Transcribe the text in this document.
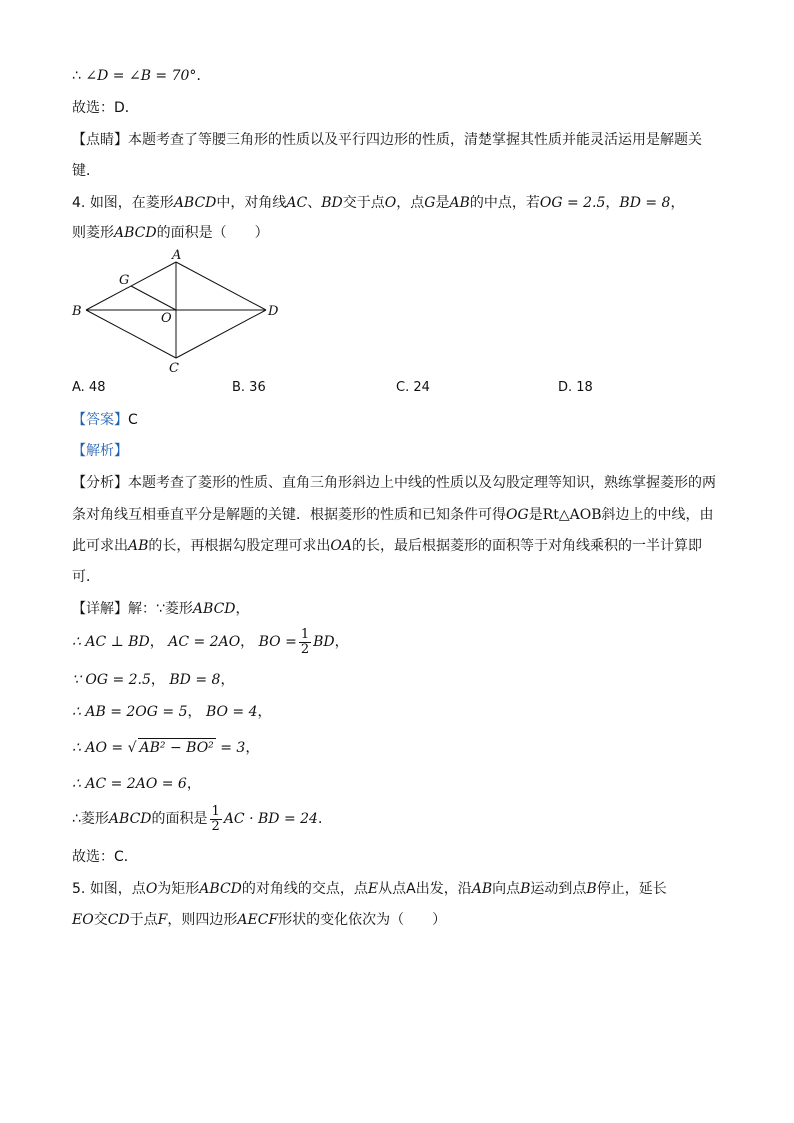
∴ ∠D = ∠B = 70°．
故选：D．
【点睛】本题考查了等腰三角形的性质以及平行四边形的性质，清楚掌握其性质并能灵活运用是解题关
键．
4. 如图，在菱形ABCD中，对角线AC、BD交于点O，点G是AB的中点，若OG = 2.5，BD = 8，
则菱形ABCD的面积是（　　）
A
B
C
D
G
O
A. 48	B. 36	C. 24	D. 18
【答案】C
【解析】
【分析】本题考查了菱形的性质、直角三角形斜边上中线的性质以及勾股定理等知识，熟练掌握菱形的两
条对角线互相垂直平分是解题的关键．根据菱形的性质和已知条件可得OG是Rt△AOB斜边上的中线，由
此可求出AB的长，再根据勾股定理可求出OA的长，最后根据菱形的面积等于对角线乘积的一半计算即
可．
【详解】解：∵菱形ABCD，
∴ AC ⊥ BD， AC = 2AO， BO = $\frac{1}{2}$ BD，
∵ OG = 2.5， BD = 8，
∴ AB = 2OG = 5， BO = 4，
∴ AO = √ AB² − BO² = 3，
∴ AC = 2AO = 6，
∴菱形ABCD的面积是 $\frac{1}{2}$ AC · BD = 24．
故选：C．
5. 如图，点O为矩形ABCD的对角线的交点，点E从点A出发，沿AB向点B运动到点B停止，延长
EO交CD于点F，则四边形AECF形状的变化依次为（　　）
